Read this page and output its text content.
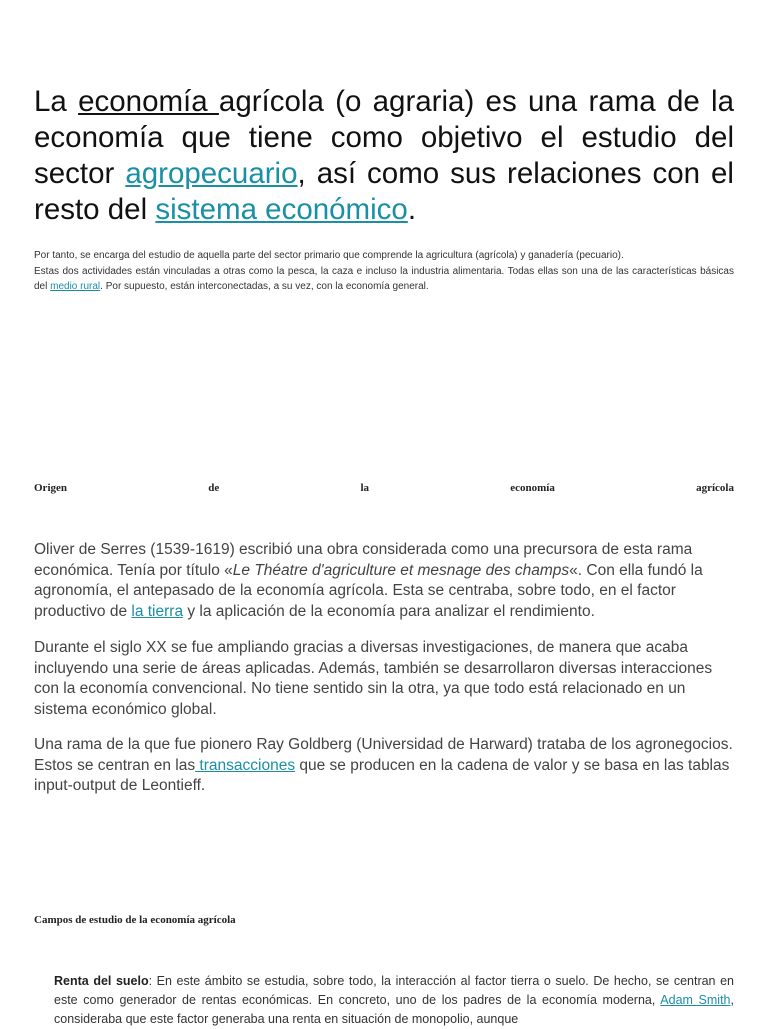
La economía agrícola (o agraria) es una rama de la economía que tiene como objetivo el estudio del sector agropecuario, así como sus relaciones con el resto del sistema económico.

Por tanto, se encarga del estudio de aquella parte del sector primario que comprende la agricultura (agrícola) y ganadería (pecuario).

Estas dos actividades están vinculadas a otras como la pesca, la caza e incluso la industria alimentaria. Todas ellas son una de las características básicas del medio rural. Por supuesto, están interconectadas, a su vez, con la economía general.

Origen	de	la	economía	agrícola

Oliver de Serres (1539-1619) escribió una obra considerada como una precursora de esta rama económica. Tenía por título «Le Théatre d'agriculture et mesnage des champs«. Con ella fundó la agronomía, el antepasado de la economía agrícola. Esta se centraba, sobre todo, en el factor productivo de la tierra y la aplicación de la economía para analizar el rendimiento.

Durante el siglo XX se fue ampliando gracias a diversas investigaciones, de manera que acaba incluyendo una serie de áreas aplicadas. Además, también se desarrollaron diversas interacciones con la economía convencional. No tiene sentido sin la otra, ya que todo está relacionado en un sistema económico global.

Una rama de la que fue pionero Ray Goldberg (Universidad de Harward) trataba de los agronegocios. Estos se centran en las transacciones que se producen en la cadena de valor y se basa en las tablas input-output de Leontieff.

Campos de estudio de la economía agrícola

Renta del suelo: En este ámbito se estudia, sobre todo, la interacción al factor tierra o suelo. De hecho, se centran en este como generador de rentas económicas. En concreto, uno de los padres de la economía moderna, Adam Smith, consideraba que este factor generaba una renta en situación de monopolio, aunque
